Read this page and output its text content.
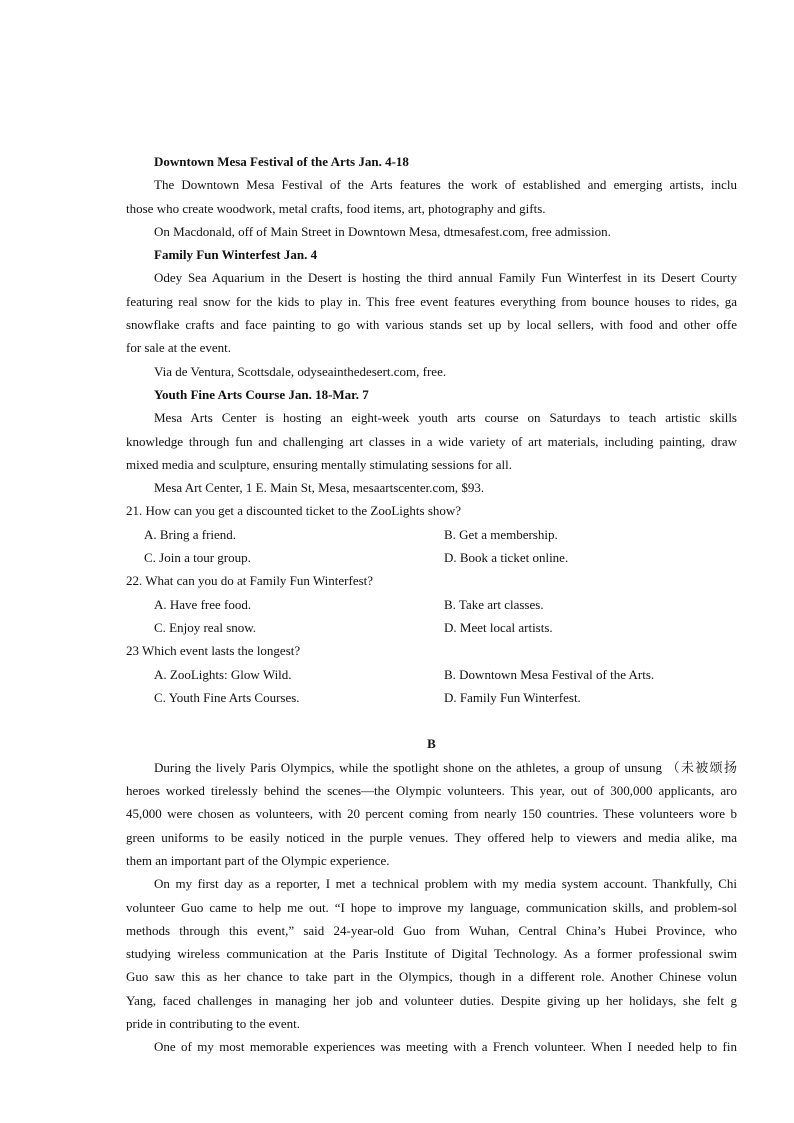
Downtown Mesa Festival of the Arts Jan. 4-18
The Downtown Mesa Festival of the Arts features the work of established and emerging artists, inclu
those who create woodwork, metal crafts, food items, art, photography and gifts.
On Macdonald, off of Main Street in Downtown Mesa, dtmesafest.com, free admission.
Family Fun Winterfest Jan. 4
Odey Sea Aquarium in the Desert is hosting the third annual Family Fun Winterfest in its Desert Courty
featuring real snow for the kids to play in. This free event features everything from bounce houses to rides, ga
snowflake crafts and face painting to go with various stands set up by local sellers, with food and other offe
for sale at the event.
Via de Ventura, Scottsdale, odyseainthedesert.com, free.
Youth Fine Arts Course Jan. 18-Mar. 7
Mesa Arts Center is hosting an eight-week youth arts course on Saturdays to teach artistic skills
knowledge through fun and challenging art classes in a wide variety of art materials, including painting, draw
mixed media and sculpture, ensuring mentally stimulating sessions for all.
Mesa Art Center, 1 E. Main St, Mesa, mesaartscenter.com, $93.
21. How can you get a discounted ticket to the ZooLights show?
A. Bring a friend.	B. Get a membership.
C. Join a tour group.	D. Book a ticket online.
22. What can you do at Family Fun Winterfest?
A. Have free food.	B. Take art classes.
C. Enjoy real snow.	D. Meet local artists.
23 Which event lasts the longest?
A. ZooLights: Glow Wild.	B. Downtown Mesa Festival of the Arts.
C. Youth Fine Arts Courses.	D. Family Fun Winterfest.
B
During the lively Paris Olympics, while the spotlight shone on the athletes, a group of unsung （未被颂扬
heroes worked tirelessly behind the scenes—the Olympic volunteers. This year, out of 300,000 applicants, aro
45,000 were chosen as volunteers, with 20 percent coming from nearly 150 countries. These volunteers wore b
green uniforms to be easily noticed in the purple venues. They offered help to viewers and media alike, ma
them an important part of the Olympic experience.
On my first day as a reporter, I met a technical problem with my media system account. Thankfully, Chi
volunteer Guo came to help me out. “I hope to improve my language, communication skills, and problem-sol
methods through this event,” said 24-year-old Guo from Wuhan, Central China’s Hubei Province, who
studying wireless communication at the Paris Institute of Digital Technology. As a former professional swim
Guo saw this as her chance to take part in the Olympics, though in a different role. Another Chinese volun
Yang, faced challenges in managing her job and volunteer duties. Despite giving up her holidays, she felt g
pride in contributing to the event.
One of my most memorable experiences was meeting with a French volunteer. When I needed help to fin
